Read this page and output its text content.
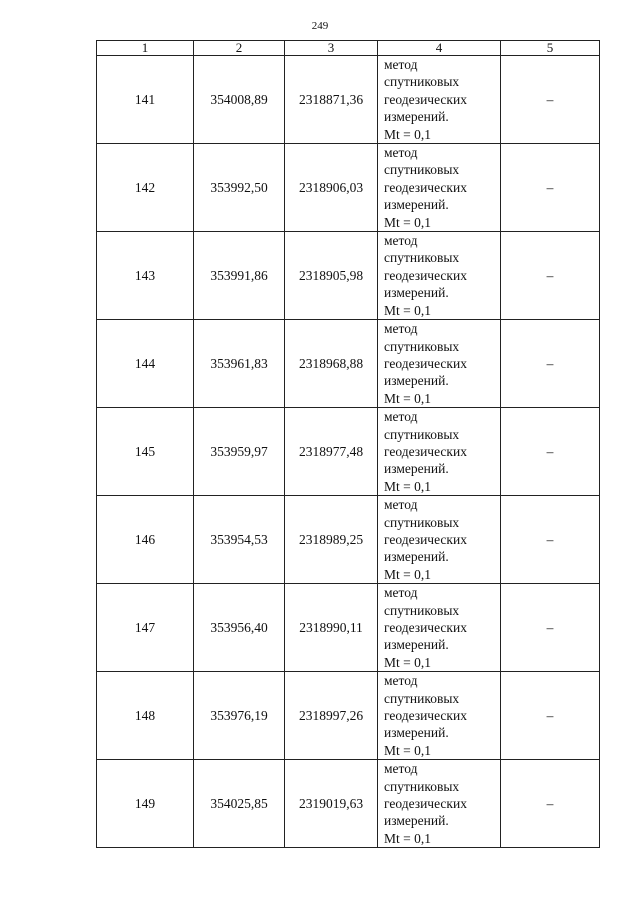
249
1	2	3	4	5
141	354008,89	2318871,36	метод
спутниковых
геодезических
измерений.
Mt = 0,1	–
142	353992,50	2318906,03	метод
спутниковых
геодезических
измерений.
Mt = 0,1	–
143	353991,86	2318905,98	метод
спутниковых
геодезических
измерений.
Mt = 0,1	–
144	353961,83	2318968,88	метод
спутниковых
геодезических
измерений.
Mt = 0,1	–
145	353959,97	2318977,48	метод
спутниковых
геодезических
измерений.
Mt = 0,1	–
146	353954,53	2318989,25	метод
спутниковых
геодезических
измерений.
Mt = 0,1	–
147	353956,40	2318990,11	метод
спутниковых
геодезических
измерений.
Mt = 0,1	–
148	353976,19	2318997,26	метод
спутниковых
геодезических
измерений.
Mt = 0,1	–
149	354025,85	2319019,63	метод
спутниковых
геодезических
измерений.
Mt = 0,1	–
